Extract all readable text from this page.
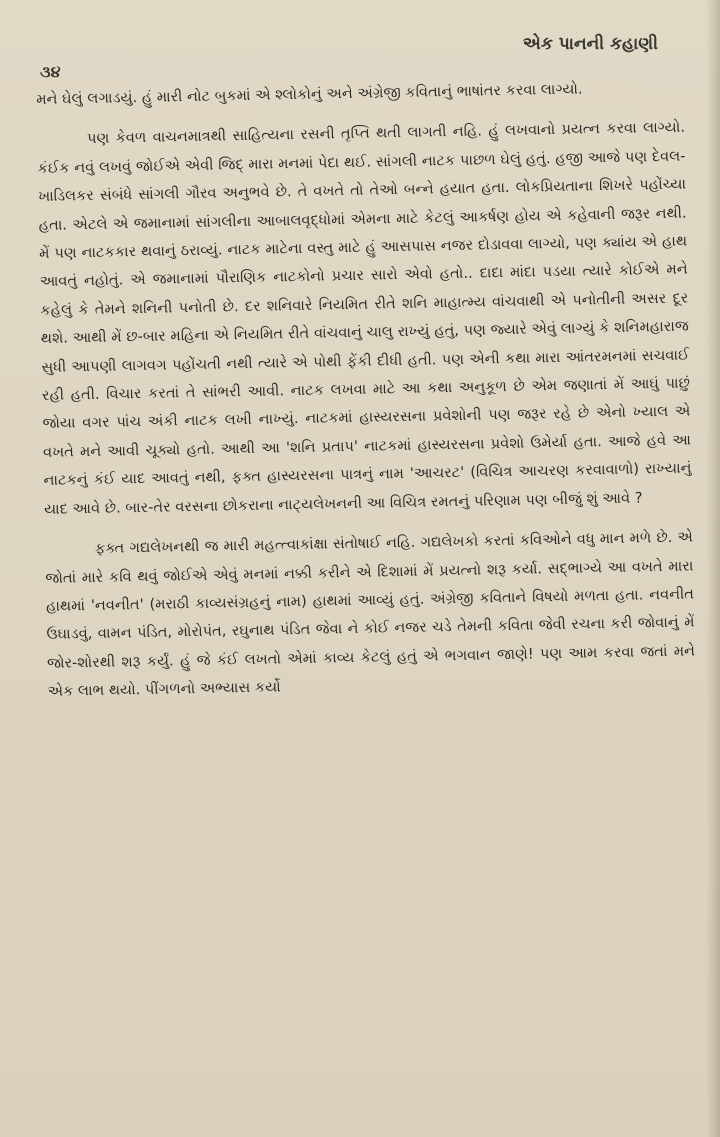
એક પાનની કહાણી
૩૪

મને ઘેલું લગાડયું. હું મારી નોટ બુકમાં એ શ્લોકોનું અને અંગ્રેજી કવિતાનું ભાષાંતર કરવા લાગ્યો.

પણ કેવળ વાચનમાત્રથી સાહિત્યના રસની તૃપ્તિ થતી લાગતી નહિ. હું લખવાનો પ્રયત્ન કરવા લાગ્યો. કંઈક નવું લખવું જોઈએ એવી જિદ્ મારા મનમાં પેદા થઈ. સાંગલી નાટક પાછળ ઘેલું હતું. હજી આજે પણ દેવલ-ખાડિલકર સંબંધે સાંગલી ગૌરવ અનુભવે છે. તે વખતે તો તેઓ બન્ને હયાત હતા. લોકપ્રિયતાના શિખરે પહોંચ્યા હતા. એટલે એ જમાનામાં સાંગલીના આબાલવૃદ્ધોમાં એમના માટે કેટલું આકર્ષણ હોય એ કહેવાની જરૂર નથી. મેં પણ નાટકકાર થવાનું ઠરાવ્યું. નાટક માટેના વસ્તુ માટે હું આસપાસ નજર દોડાવવા લાગ્યો, પણ ક્યાંય એ હાથ આવતું નહોતું. એ જમાનામાં પૌરાણિક નાટકોનો પ્રચાર સારો એવો હતો.. દાદા માંદા પડયા ત્યારે કોઈએ મને કહેલું કે તેમને શનિની પનોતી છે. દર શનિવારે નિયમિત રીતે શનિ માહાત્મ્ય વાંચવાથી એ પનોતીની અસર દૂર થશે. આથી મેં છ-બાર મહિના એ નિયમિત રીતે વાંચવાનું ચાલુ રાખ્યું હતું, પણ જ્યારે એવું લાગ્યું કે શનિમહારાજ સુધી આપણી લાગવગ પહોંચતી નથી ત્યારે એ પોથી ફેંકી દીધી હતી. પણ એની કથા મારા આંતરમનમાં સચવાઈ રહી હતી. વિચાર કરતાં તે સાંભરી આવી. નાટક લખવા માટે આ કથા અનુકૂળ છે એમ જણાતાં મેં આઘું પાછું જોયા વગર પાંચ અંકી નાટક લખી નાખ્યું. નાટકમાં હાસ્યરસના પ્રવેશોની પણ જરૂર રહે છે એનો ખ્યાલ એ વખતે મને આવી ચૂક્યો હતો. આથી આ 'શનિ પ્રતાપ' નાટકમાં હાસ્યરસના પ્રવેશો ઉમેર્યા હતા. આજે હવે આ નાટકનું કંઈ યાદ આવતું નથી, ફક્ત હાસ્યરસના પાત્રનું નામ 'આચરટ' (વિચિત્ર આચરણ કરવાવાળો) રાખ્યાનું યાદ આવે છે. બાર-તેર વરસના છોકરાના નાટ્યલેખનની આ વિચિત્ર રમતનું પરિણામ પણ બીજું શું આવે ?

ફક્ત ગદ્યલેખનથી જ મારી મહત્ત્વાકાંક્ષા સંતોષાઈ નહિ. ગદ્યલેખકો કરતાં કવિઓને વધુ માન મળે છે. એ જોતાં મારે કવિ થવું જોઈએ એવું મનમાં નક્કી કરીને એ દિશામાં મેં પ્રયત્નો શરૂ કર્યા. સદ્ભાગ્યે આ વખતે મારા હાથમાં 'નવનીત' (મરાઠી કાવ્યસંગ્રહનું નામ) હાથમાં આવ્યું હતું. અંગ્રેજી કવિતાને વિષયો મળતા હતા. નવનીત ઉઘાડવું, વામન પંડિત, મોરોપંત, રઘુનાથ પંડિત જેવા ને કોઈ નજર ચડે તેમની કવિતા જેવી રચના કરી જોવાનું મેં જોર-શોરથી શરૂ કર્યું. હું જે કંઈ લખતો એમાં કાવ્ય કેટલું હતું એ ભગવાન જાણે! પણ આમ કરવા જતાં મને એક લાભ થયો. પીંગળનો અભ્યાસ કર્યો
